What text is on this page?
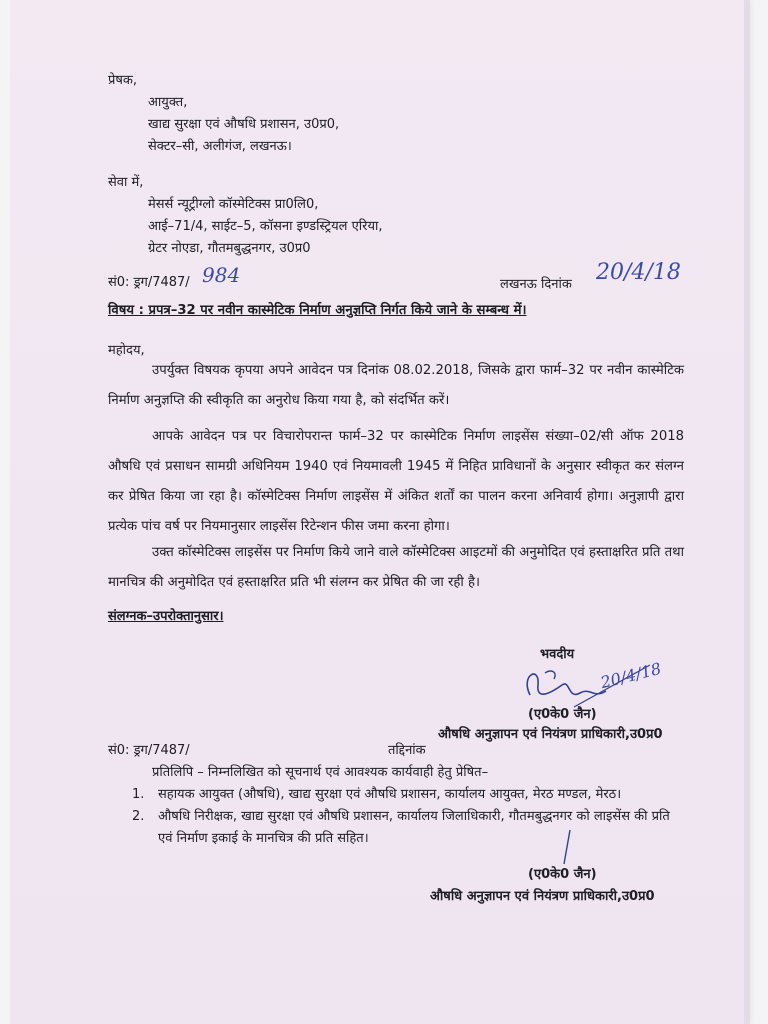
प्रेषक,
आयुक्त,
खाद्य सुरक्षा एवं औषधि प्रशासन, उ0प्र0,
सेक्टर–सी, अलीगंज, लखनऊ।
सेवा में,
मेसर्स न्यूट्रीग्लो कॉस्मेटिक्स प्रा0लि0,
आई–71/4, साईट–5, कॉसना इण्डस्ट्रियल एरिया,
ग्रेटर नोएडा, गौतमबुद्धनगर, उ0प्र0
सं0: ड्रग/7487/ 984	लखनऊ दिनांक 20/4/18
विषय : प्रपत्र–32 पर नवीन कास्मेटिक निर्माण अनुज्ञप्ति निर्गत किये जाने के सम्बन्ध में।
महोदय,
उपर्युक्त विषयक कृपया अपने आवेदन पत्र दिनांक 08.02.2018, जिसके द्वारा फार्म–32 पर नवीन कास्मेटिक निर्माण अनुज्ञप्ति की स्वीकृति का अनुरोध किया गया है, को संदर्भित करें।
आपके आवेदन पत्र पर विचारोपरान्त फार्म–32 पर कास्मेटिक निर्माण लाइसेंस संख्या–02/सी ऑफ 2018 औषधि एवं प्रसाधन सामग्री अधिनियम 1940 एवं नियमावली 1945 में निहित प्राविधानों के अनुसार स्वीकृत कर संलग्न कर प्रेषित किया जा रहा है। कॉस्मेटिक्स निर्माण लाइसेंस में अंकित शर्तों का पालन करना अनिवार्य होगा। अनुज्ञापी द्वारा प्रत्येक पांच वर्ष पर नियमानुसार लाइसेंस रिटेन्शन फीस जमा करना होगा।
उक्त कॉस्मेटिक्स लाइसेंस पर निर्माण किये जाने वाले कॉस्मेटिक्स आइटमों की अनुमोदित एवं हस्ताक्षरित प्रति तथा मानचित्र की अनुमोदित एवं हस्ताक्षरित प्रति भी संलग्न कर प्रेषित की जा रही है।
संलग्नक–उपरोक्तानुसार।
भवदीय
20/4/18
(ए0के0 जैन)
औषधि अनुज्ञापन एवं नियंत्रण प्राधिकारी,उ0प्र0
सं0: ड्रग/7487/	तद्दिनांक
प्रतिलिपि – निम्नलिखित को सूचनार्थ एवं आवश्यक कार्यवाही हेतु प्रेषित–
1. सहायक आयुक्त (औषधि), खाद्य सुरक्षा एवं औषधि प्रशासन, कार्यालय आयुक्त, मेरठ मण्डल, मेरठ।
2. औषधि निरीक्षक, खाद्य सुरक्षा एवं औषधि प्रशासन, कार्यालय जिलाधिकारी, गौतमबुद्धनगर को लाइसेंस की प्रति एवं निर्माण इकाई के मानचित्र की प्रति सहित।
(ए0के0 जैन)
औषधि अनुज्ञापन एवं नियंत्रण प्राधिकारी,उ0प्र0
